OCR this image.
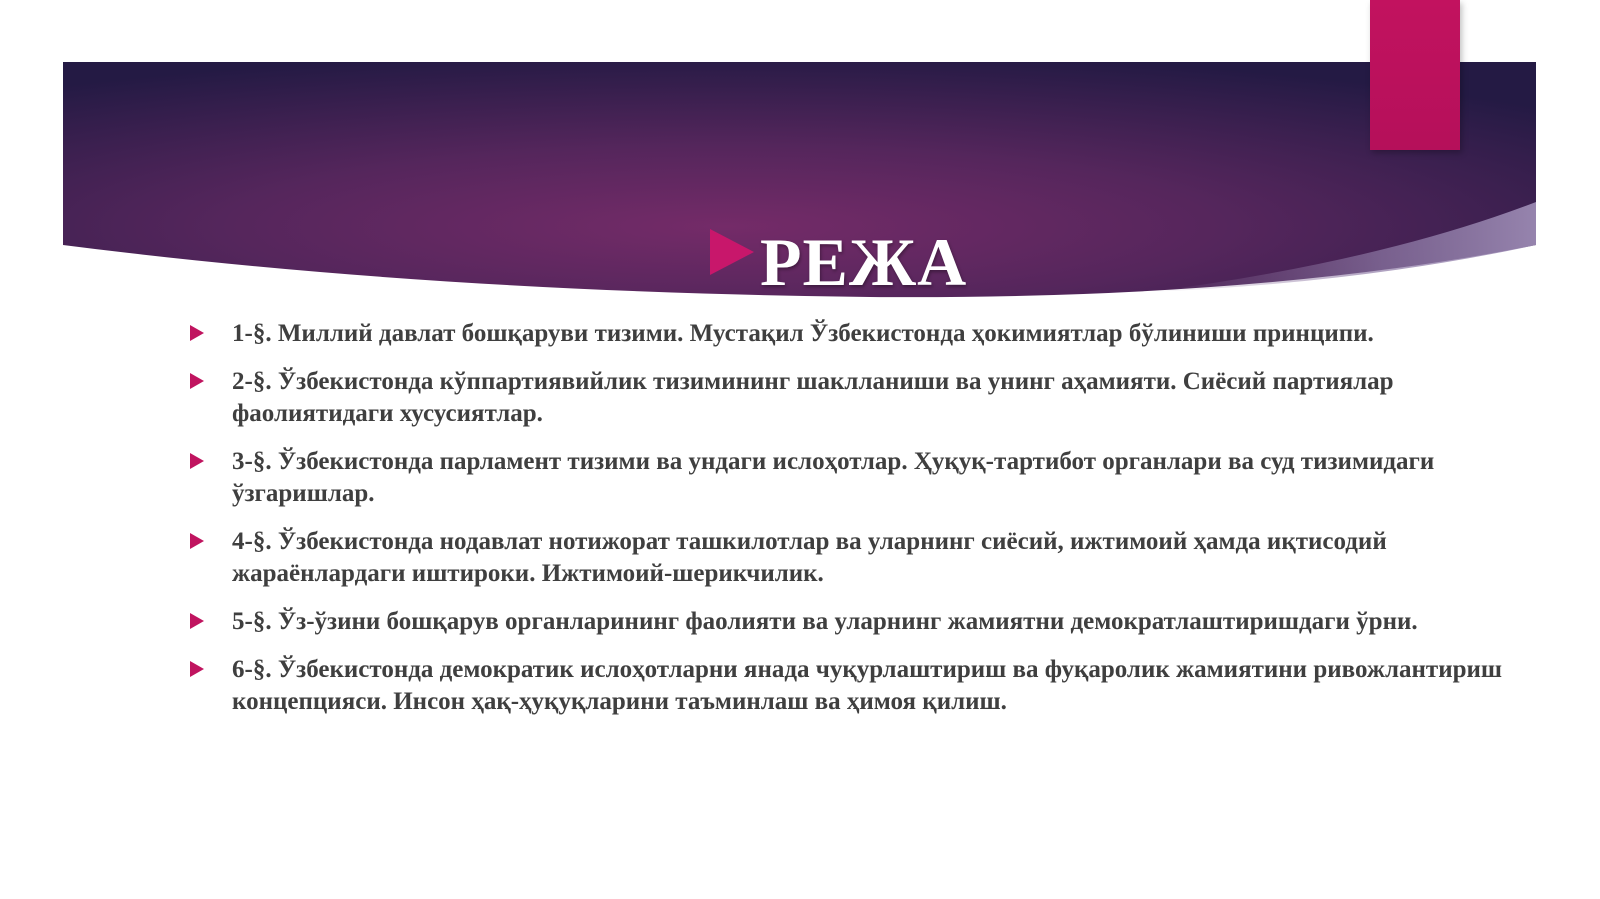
РЕЖА
1-§. Миллий давлат бошқаруви тизими. Мустақил Ўзбекистонда ҳокимиятлар бўлиниши принципи.
2-§. Ўзбекистонда кўппартиявийлик тизимининг шаклланиши ва унинг аҳамияти. Сиёсий партиялар фаолиятидаги хусусиятлар.
3-§. Ўзбекистонда парламент тизими ва ундаги ислоҳотлар. Ҳуқуқ-тартибот органлари ва суд тизимидаги ўзгаришлар.
4-§. Ўзбекистонда нодавлат нотижорат ташкилотлар ва уларнинг сиёсий, ижтимоий ҳамда иқтисодий жараёнлардаги иштироки. Ижтимоий-шерикчилик.
5-§. Ўз-ўзини бошқарув органларининг фаолияти ва уларнинг жамиятни демократлаштиришдаги ўрни.
6-§. Ўзбекистонда демократик ислоҳотларни янада чуқурлаштириш ва фуқаролик жамиятини ривожлантириш концепцияси. Инсон ҳақ-ҳуқуқларини таъминлаш ва ҳимоя қилиш.
